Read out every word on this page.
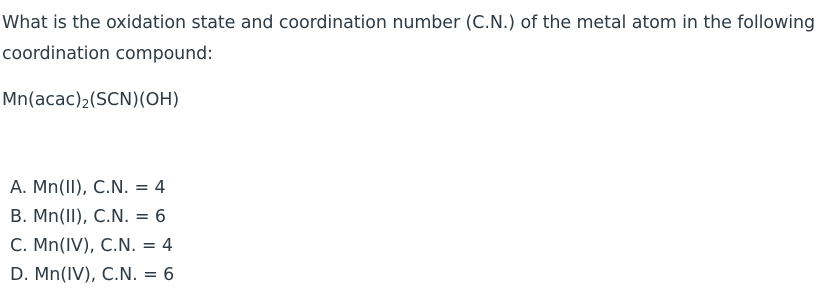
What is the oxidation state and coordination number (C.N.) of the metal atom in the following coordination compound:
$Mn(acac)_2(SCN)(OH)$
A. Mn(II), C.N. = 4
B. Mn(II), C.N. = 6
C. Mn(IV), C.N. = 4
D. Mn(IV), C.N. = 6
